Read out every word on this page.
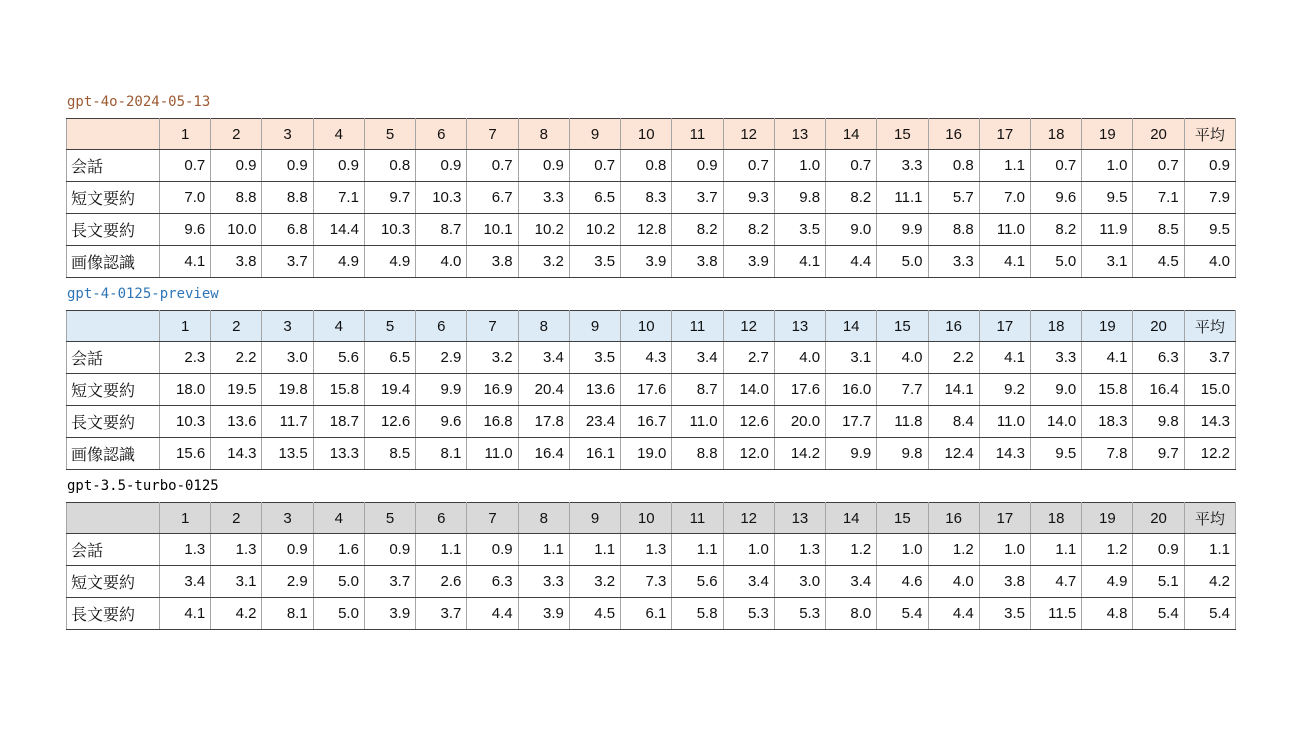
gpt-4o-2024-05-13
	1	2	3	4	5	6	7	8	9	10	11	12	13	14	15	16	17	18	19	20	平均
会話	0.7	0.9	0.9	0.9	0.8	0.9	0.7	0.9	0.7	0.8	0.9	0.7	1.0	0.7	3.3	0.8	1.1	0.7	1.0	0.7	0.9
短文要約	7.0	8.8	8.8	7.1	9.7	10.3	6.7	3.3	6.5	8.3	3.7	9.3	9.8	8.2	11.1	5.7	7.0	9.6	9.5	7.1	7.9
長文要約	9.6	10.0	6.8	14.4	10.3	8.7	10.1	10.2	10.2	12.8	8.2	8.2	3.5	9.0	9.9	8.8	11.0	8.2	11.9	8.5	9.5
画像認識	4.1	3.8	3.7	4.9	4.9	4.0	3.8	3.2	3.5	3.9	3.8	3.9	4.1	4.4	5.0	3.3	4.1	5.0	3.1	4.5	4.0
gpt-4-0125-preview
	1	2	3	4	5	6	7	8	9	10	11	12	13	14	15	16	17	18	19	20	平均
会話	2.3	2.2	3.0	5.6	6.5	2.9	3.2	3.4	3.5	4.3	3.4	2.7	4.0	3.1	4.0	2.2	4.1	3.3	4.1	6.3	3.7
短文要約	18.0	19.5	19.8	15.8	19.4	9.9	16.9	20.4	13.6	17.6	8.7	14.0	17.6	16.0	7.7	14.1	9.2	9.0	15.8	16.4	15.0
長文要約	10.3	13.6	11.7	18.7	12.6	9.6	16.8	17.8	23.4	16.7	11.0	12.6	20.0	17.7	11.8	8.4	11.0	14.0	18.3	9.8	14.3
画像認識	15.6	14.3	13.5	13.3	8.5	8.1	11.0	16.4	16.1	19.0	8.8	12.0	14.2	9.9	9.8	12.4	14.3	9.5	7.8	9.7	12.2
gpt-3.5-turbo-0125
	1	2	3	4	5	6	7	8	9	10	11	12	13	14	15	16	17	18	19	20	平均
会話	1.3	1.3	0.9	1.6	0.9	1.1	0.9	1.1	1.1	1.3	1.1	1.0	1.3	1.2	1.0	1.2	1.0	1.1	1.2	0.9	1.1
短文要約	3.4	3.1	2.9	5.0	3.7	2.6	6.3	3.3	3.2	7.3	5.6	3.4	3.0	3.4	4.6	4.0	3.8	4.7	4.9	5.1	4.2
長文要約	4.1	4.2	8.1	5.0	3.9	3.7	4.4	3.9	4.5	6.1	5.8	5.3	5.3	8.0	5.4	4.4	3.5	11.5	4.8	5.4	5.4
